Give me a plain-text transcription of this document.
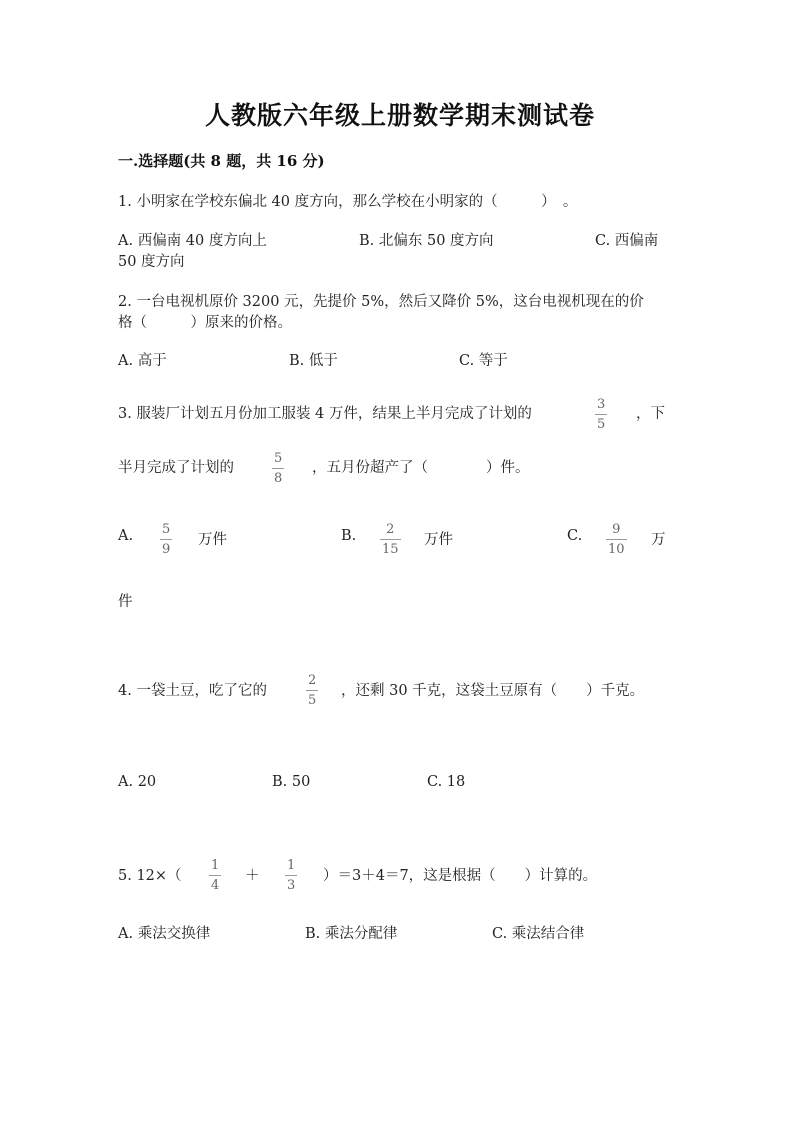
人教版六年级上册数学期末测试卷
一.选择题(共 8 题，共 16 分)
1. 小明家在学校东偏北 40 度方向，那么学校在小明家的（　　　）　。
A. 西偏南 40 度方向上	B. 北偏东 50 度方向	C. 西偏南
50 度方向
2. 一台电视机原价 3200 元，先提价 5%，然后又降价 5%，这台电视机现在的价
格（　　　）原来的价格。
A. 高于	B. 低于	C. 等于
3. 服装厂计划五月份加工服装 4 万件，结果上半月完成了计划的
3
5
，下
半月完成了计划的
5
8
，五月份超产了（　　　　）件。
A. 5
9
万件	B. 2
15
万件	C. 9
10
万
件
4. 一袋土豆，吃了它的
2
5
，还剩 30 千克，这袋土豆原有（　　）千克。
A. 20	B. 50	C. 18
5. 12×（
1
4
＋
1
3
）＝3＋4＝7，这是根据（　　）计算的。
A. 乘法交换律	B. 乘法分配律	C. 乘法结合律
